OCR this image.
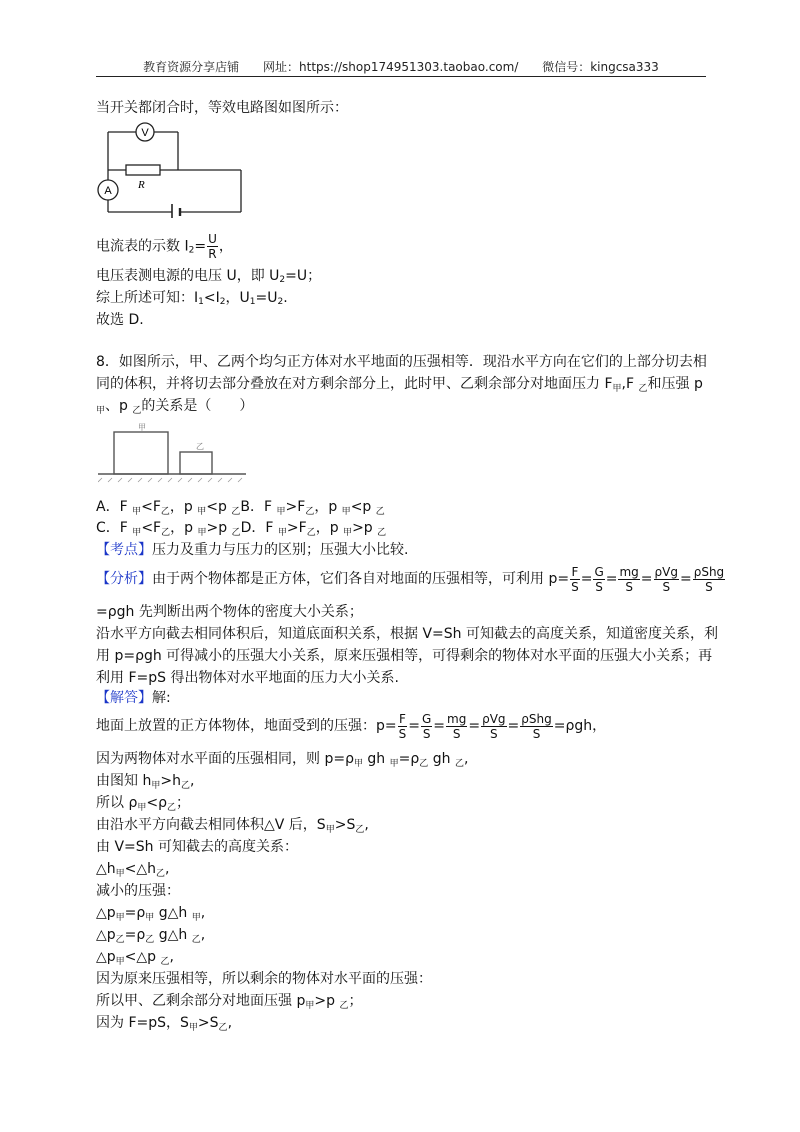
教育资源分享店铺 网址：https://shop174951303.taobao.com/ 微信号：kingcsa333
当开关都闭合时，等效电路图如图所示：
V
A R
电流表的示数 $I_2= \frac{U}{R}$ ，
电压表测电源的电压 U，即 $U_2=U$；
综上所述可知：$I_1<I_2$，$U_1=U_2$.
故选 D.
8．如图所示，甲、乙两个均匀正方体对水平地面的压强相等．现沿水平方向在它们的上部分切去相
同的体积，并将切去部分叠放在对方剩余部分上，此时甲、乙剩余部分对地面压力 $F_甲,F$ $_乙$和压强 p
$_甲$、p $_乙$的关系是（　　）
甲
乙
A．F $_甲<F_乙$，p $_甲$<p $_乙$B．F $_甲>F_乙$，p $_甲$<p $_乙$
C．F $_甲<F_乙$，p $_甲$>p $_乙$D．F $_甲>F_乙$，p $_甲$>p $_乙$
【考点】压力及重力与压力的区别；压强大小比较.
【分析】由于两个物体都是正方体，它们各自对地面的压强相等，可利用 $p= \frac{F}{S} = \frac{G}{S} = \frac{mg}{S} = \frac{\text{ρVg}}{S} = \frac{\text{ρShg}}{S}$
=ρgh 先判断出两个物体的密度大小关系；
沿水平方向截去相同体积后，知道底面积关系，根据 V=Sh 可知截去的高度关系，知道密度关系，利
用 p=ρgh 可得减小的压强大小关系，原来压强相等，可得剩余的物体对水平面的压强大小关系；再
利用 F=pS 得出物体对水平地面的压力大小关系.
【解答】解:
地面上放置的正方体物体，地面受到的压强：$p= \frac{F}{S} = \frac{G}{S} = \frac{mg}{S} = \frac{\text{ρVg}}{S} = \frac{\text{ρShg}}{S} =\rho gh$，
因为两物体对水平面的压强相同，则 $p=\rho_甲$ gh $_甲=\rho_乙$ gh $_乙$,
由图知 $h_甲>h_乙$,
所以 $\rho_甲<\rho_乙$；
由沿水平方向截去相同体积△V 后，$S_甲>S_乙$,
由 V=Sh 可知截去的高度关系：
$\triangle h_甲<\triangle h_乙$,
减小的压强：
$\triangle p_甲=\rho_甲$ g△h $_甲$,
$\triangle p_乙=\rho_乙$ g△h $_乙$,
$\triangle p_甲<\triangle p$ $_乙$,
因为原来压强相等，所以剩余的物体对水平面的压强：
所以甲、乙剩余部分对地面压强 $p_甲>p$ $_乙$；
因为 F=pS，$S_甲>S_乙$,
